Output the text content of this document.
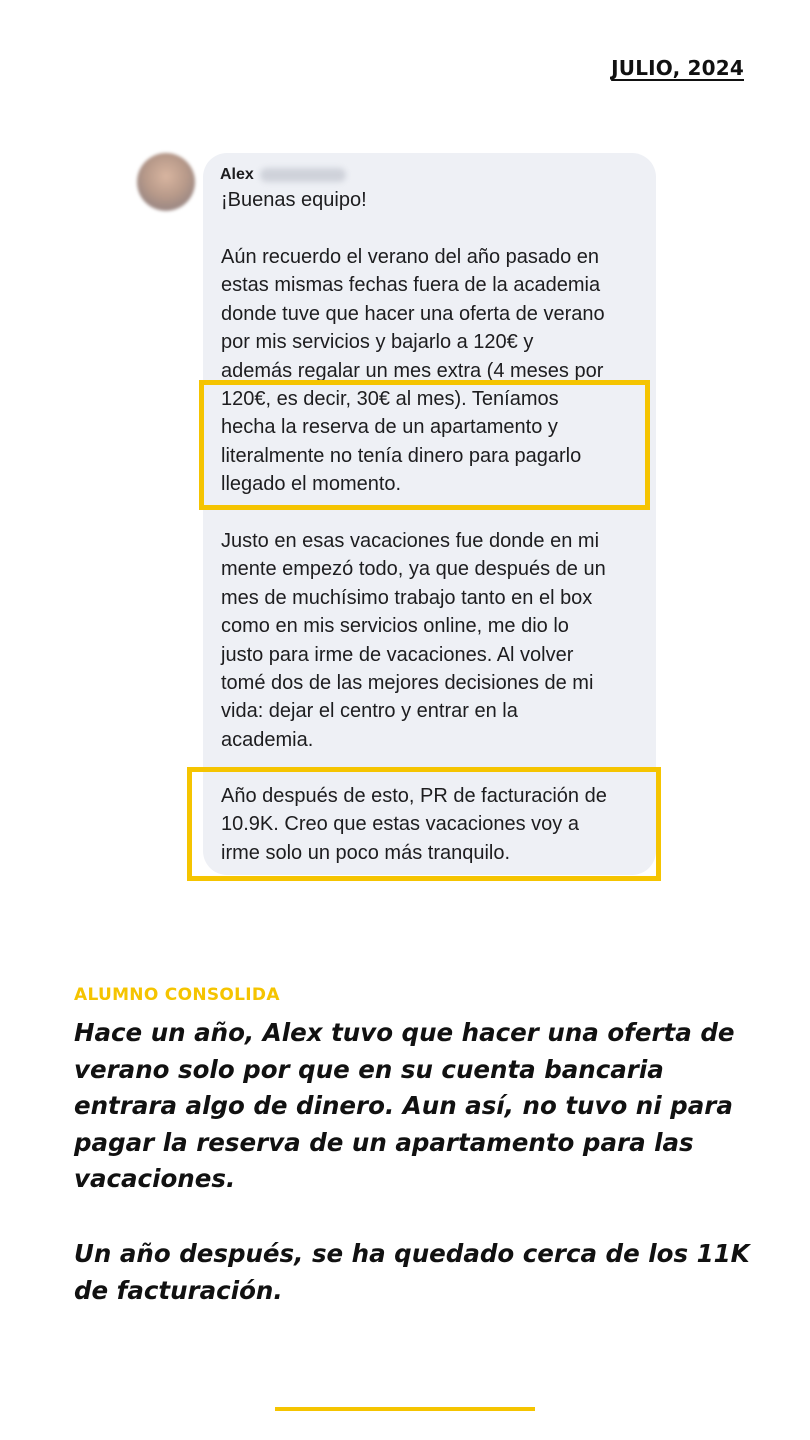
JULIO, 2024
Alex

¡Buenas equipo!

Aún recuerdo el verano del año pasado en
estas mismas fechas fuera de la academia
donde tuve que hacer una oferta de verano
por mis servicios y bajarlo a 120€ y
además regalar un mes extra (4 meses por
120€, es decir, 30€ al mes). Teníamos
hecha la reserva de un apartamento y
literalmente no tenía dinero para pagarlo
llegado el momento.

Justo en esas vacaciones fue donde en mi
mente empezó todo, ya que después de un
mes de muchísimo trabajo tanto en el box
como en mis servicios online, me dio lo
justo para irme de vacaciones. Al volver
tomé dos de las mejores decisiones de mi
vida: dejar el centro y entrar en la
academia.

Año después de esto, PR de facturación de
10.9K. Creo que estas vacaciones voy a
irme solo un poco más tranquilo.

ALUMNO CONSOLIDA

Hace un año, Alex tuvo que hacer una oferta de verano solo por que en su cuenta bancaria entrara algo de dinero. Aun así, no tuvo ni para pagar la reserva de un apartamento para las vacaciones.

Un año después, se ha quedado cerca de los 11K de facturación.
